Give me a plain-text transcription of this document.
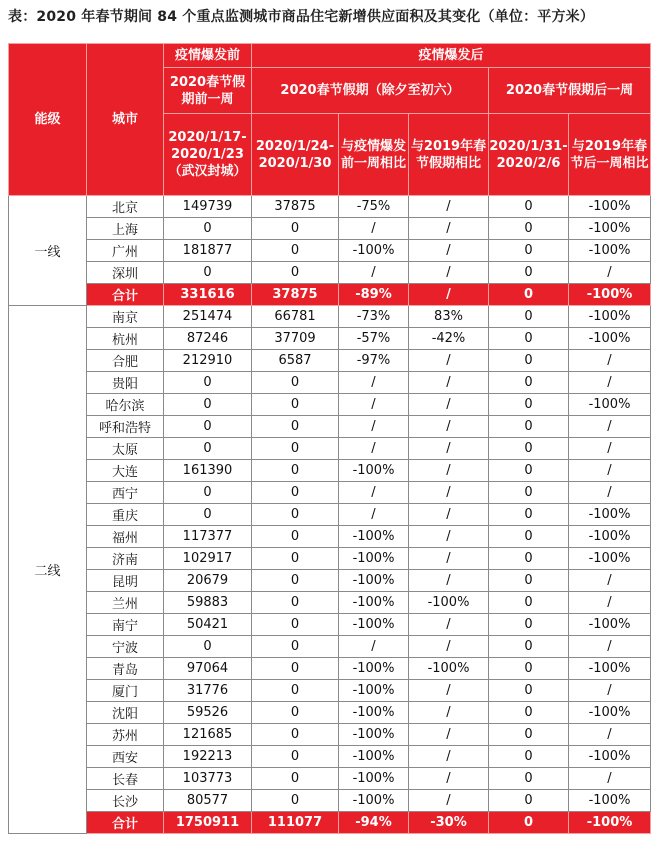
表：2020 年春节期间 84 个重点监测城市商品住宅新增供应面积及其变化（单位：平方米）
能级	城市	疫情爆发前	疫情爆发后				
		2020春节假期前一周	2020春节假期（除夕至初六）			2020春节假期后一周	

		2020/1/17-2020/1/23（武汉封城）	2020/1/24-2020/1/30	与疫情爆发前一周相比	与2019年春节假期相比	2020/1/31-2020/2/6	与2019年春节后一周相比
一线	北京	149739	37875	-75%	/	0	-100%
	上海	0	0	/	/	0	-100%
	广州	181877	0	-100%	/	0	-100%
	深圳	0	0	/	/	0	/
	合计	331616	37875	-89%	/	0	-100%
二线	南京	251474	66781	-73%	83%	0	-100%
	杭州	87246	37709	-57%	-42%	0	-100%
	合肥	212910	6587	-97%	/	0	/
	贵阳	0	0	/	/	0	/
	哈尔滨	0	0	/	/	0	-100%
	呼和浩特	0	0	/	/	0	/
	太原	0	0	/	/	0	/
	大连	161390	0	-100%	/	0	/
	西宁	0	0	/	/	0	/
	重庆	0	0	/	/	0	-100%
	福州	117377	0	-100%	/	0	-100%
	济南	102917	0	-100%	/	0	-100%
	昆明	20679	0	-100%	/	0	/
	兰州	59883	0	-100%	-100%	0	/
	南宁	50421	0	-100%	/	0	-100%
	宁波	0	0	/	/	0	/
	青岛	97064	0	-100%	-100%	0	-100%
	厦门	31776	0	-100%	/	0	/
	沈阳	59526	0	-100%	/	0	-100%
	苏州	121685	0	-100%	/	0	/
	西安	192213	0	-100%	/	0	-100%
	长春	103773	0	-100%	/	0	/
	长沙	80577	0	-100%	/	0	-100%
	合计	1750911	111077	-94%	-30%	0	-100%
